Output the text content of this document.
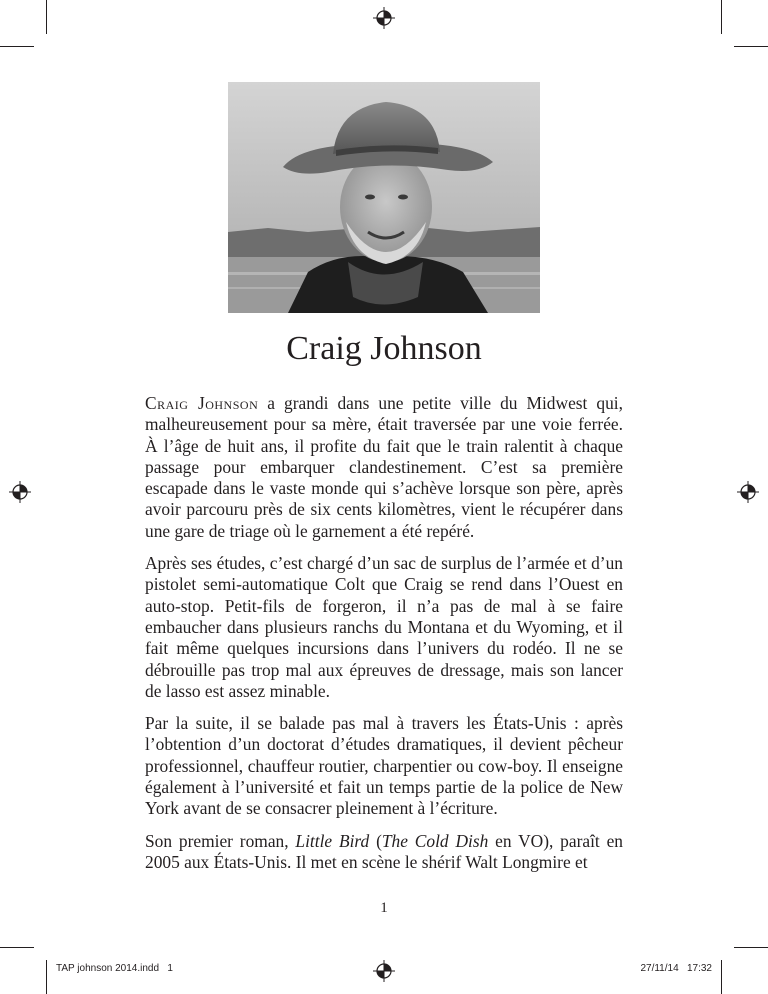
Craig Johnson

Craig Johnson a grandi dans une petite ville du Midwest qui, malheureusement pour sa mère, était traversée par une voie ferrée. À l’âge de huit ans, il profite du fait que le train ralentit à chaque passage pour embarquer clandestinement. C’est sa première escapade dans le vaste monde qui s’achève lorsque son père, après avoir parcouru près de six cents kilomètres, vient le récupérer dans une gare de triage où le garnement a été repéré.

Après ses études, c’est chargé d’un sac de surplus de l’armée et d’un pistolet semi-automatique Colt que Craig se rend dans l’Ouest en auto-stop. Petit-fils de forgeron, il n’a pas de mal à se faire embaucher dans plusieurs ranchs du Montana et du Wyoming, et il fait même quelques incursions dans l’univers du rodéo. Il ne se débrouille pas trop mal aux épreuves de dressage, mais son lancer de lasso est assez minable.

Par la suite, il se balade pas mal à travers les États-Unis : après l’obtention d’un doctorat d’études dramatiques, il devient pêcheur professionnel, chauffeur routier, charpentier ou cow-boy. Il enseigne également à l’université et fait un temps partie de la police de New York avant de se consacrer pleinement à l’écriture.

Son premier roman, Little Bird (The Cold Dish en VO), paraît en 2005 aux États-Unis. Il met en scène le shérif Walt Longmire et

1
TAP johnson 2014.indd   1	27/11/14   17:32
